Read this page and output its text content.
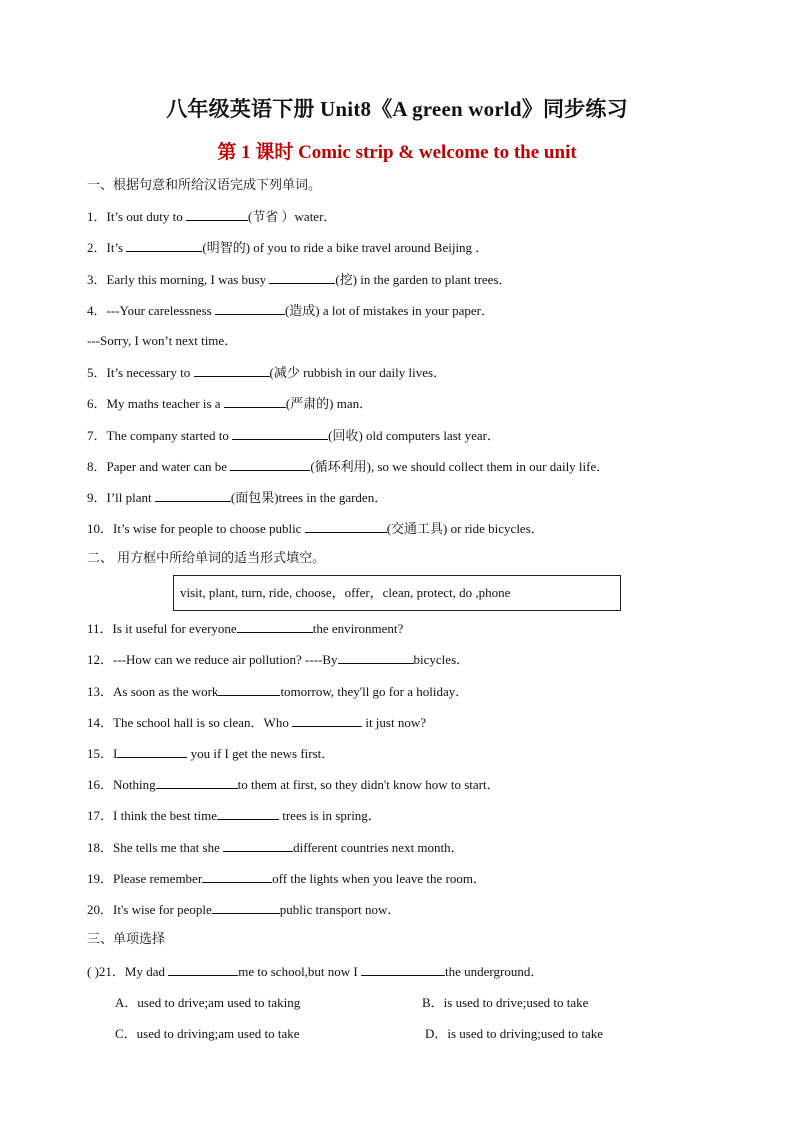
八年级英语下册 Unit8《A green world》同步练习
第 1 课时 Comic strip & welcome to the unit
一、根据句意和所给汉语完成下列单词。
1．It’s out duty to	(节省 ）water．
2．It’s	(明智的) of you to ride a bike travel around Beijing ．
3．Early this morning, I was busy	(挖) in the garden to plant trees．
4．---Your carelessness	(造成) a lot of mistakes in your paper．
---Sorry, I won’t next time．
5．It’s necessary to	(减少 rubbish in our daily lives．
6．My maths teacher is a	(严肃的) man．
7．The company started to	(回收) old computers last year．
8．Paper and water can be	(循环利用), so we should collect them in our daily life．
9．I’ll plant	(面包果)trees in the garden．
10．It’s wise for people to choose public	(交通工具) or ride bicycles．
二、 用方框中所给单词的适当形式填空。
visit, plant, turn, ride, choose，offer，clean, protect, do ,phone
11．Is it useful for everyone	the environment?
12．---How can we reduce air pollution? ----By	bicycles．
13．As soon as the work	tomorrow, they'll go for a holiday．
14．The school hall is so clean．Who	it just now?
15．I	you if I get the news first．
16．Nothing	to them at first, so they didn't know how to start．
17．I think the best time	trees is in spring．
18．She tells me that she	different countries next month．
19．Please remember	off the lights when you leave the room．
20．It's wise for people	public transport now．
三、单项选择
( )21．My dad	me to school,but now I	the underground．
A．used to drive;am used to taking	B．is used to drive;used to take
C．used to driving;am used to take	D．is used to driving;used to take
